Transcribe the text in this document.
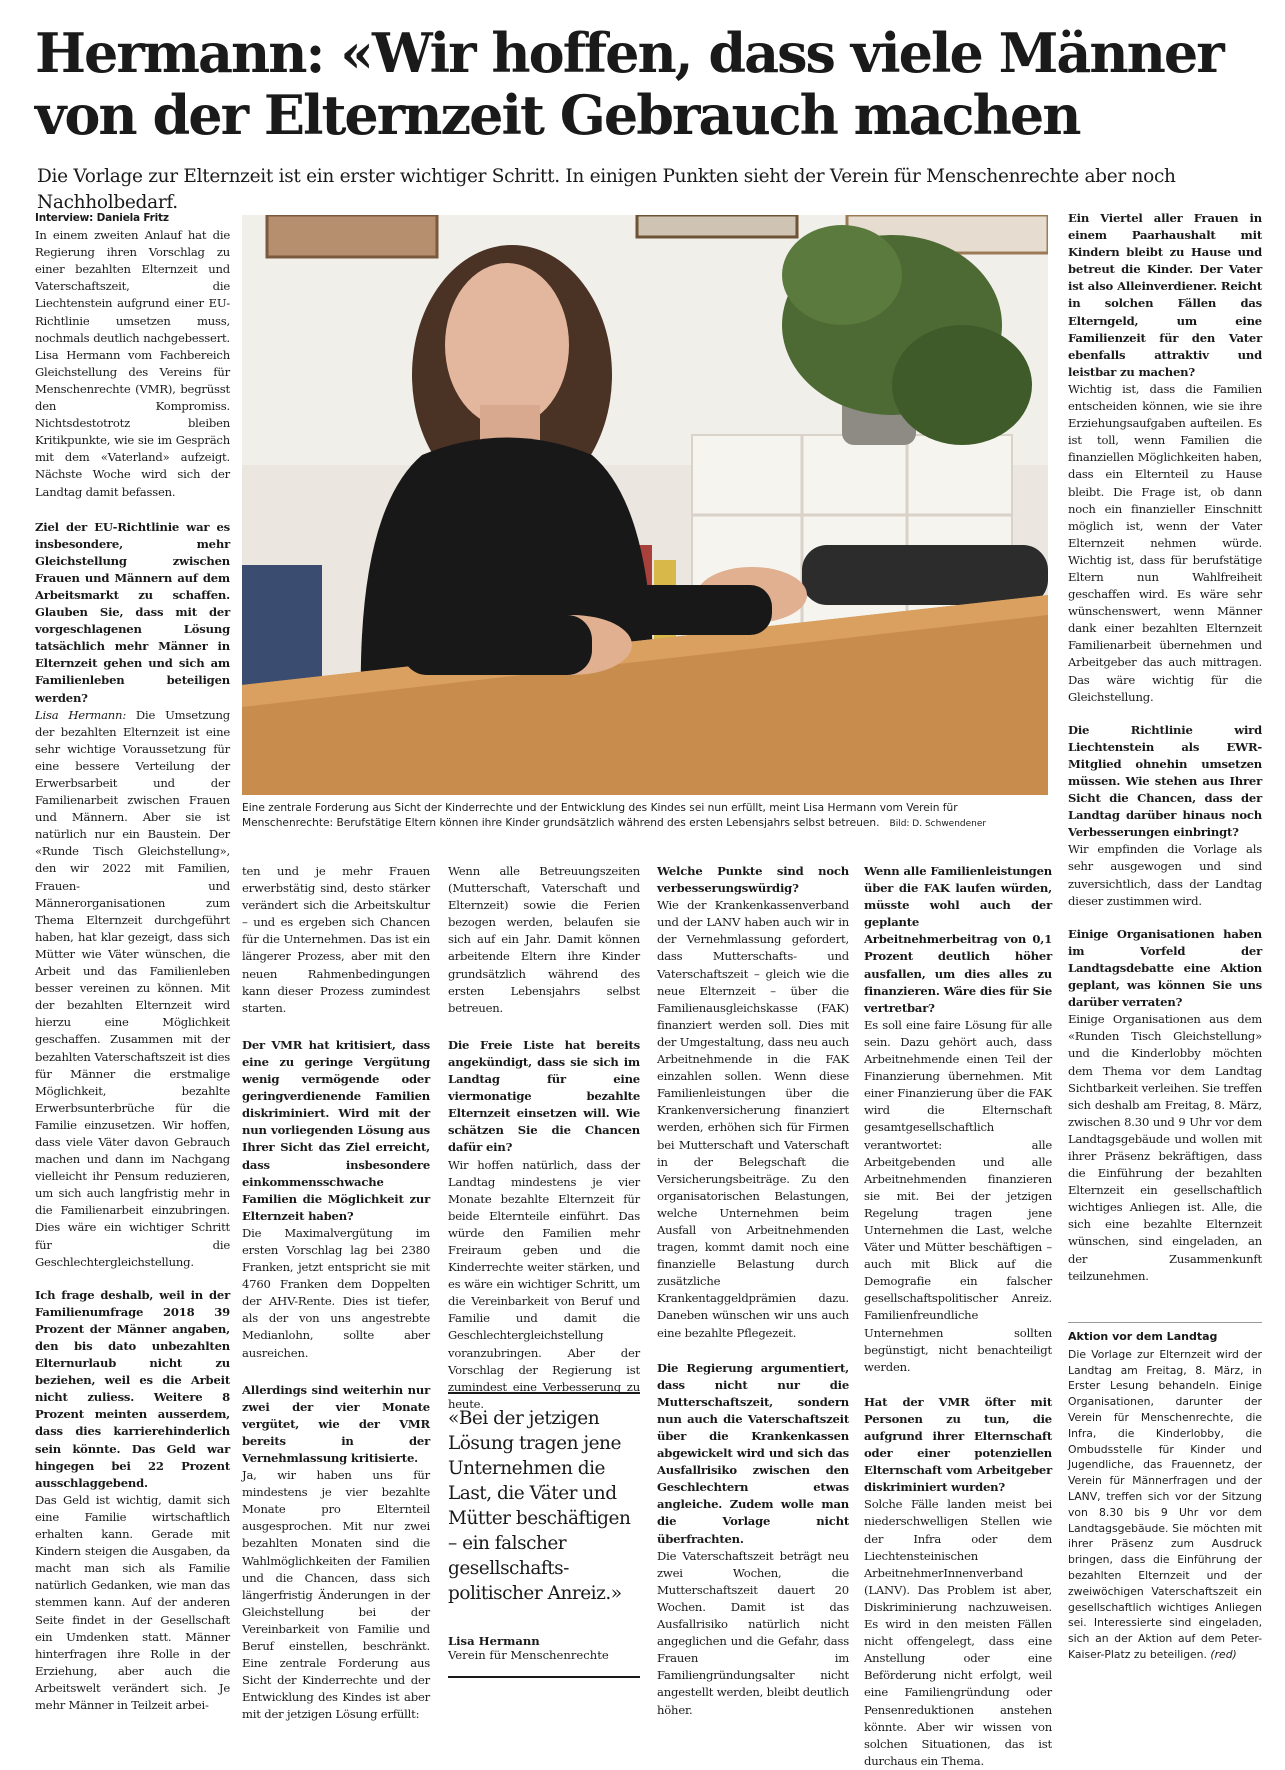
Hermann: «Wir hoffen, dass viele Männer von der Elternzeit Gebrauch machen
Die Vorlage zur Elternzeit ist ein erster wichtiger Schritt. In einigen Punkten sieht der Verein für Menschenrechte aber noch Nachholbedarf.

Interview: Daniela Fritz

In einem zweiten Anlauf hat die Regierung ihren Vorschlag zu einer bezahlten Elternzeit und Vaterschaftszeit, die Liechtenstein aufgrund einer EU-Richtlinie umsetzen muss, nochmals deutlich nachgebessert. Lisa Hermann vom Fachbereich Gleichstellung des Vereins für Menschenrechte (VMR), begrüsst den Kompromiss. Nichtsdestotrotz bleiben Kritikpunkte, wie sie im Gespräch mit dem «Vaterland» aufzeigt. Nächste Woche wird sich der Landtag damit befassen.

Ziel der EU-Richtlinie war es insbesondere, mehr Gleichstellung zwischen Frauen und Männern auf dem Arbeitsmarkt zu schaffen. Glauben Sie, dass mit der vorgeschlagenen Lösung tatsächlich mehr Männer in Elternzeit gehen und sich am Familienleben beteiligen werden?

Lisa Hermann: Die Umsetzung der bezahlten Elternzeit ist eine sehr wichtige Voraussetzung für eine bessere Verteilung der Erwerbsarbeit und der Familienarbeit zwischen Frauen und Männern. Aber sie ist natürlich nur ein Baustein. Der «Runde Tisch Gleichstellung», den wir 2022 mit Familien, Frauen- und Männerorganisationen zum Thema Elternzeit durchgeführt haben, hat klar gezeigt, dass sich Mütter wie Väter wünschen, die Arbeit und das Familienleben besser vereinen zu können. Mit der bezahlten Elternzeit wird hierzu eine Möglichkeit geschaffen. Zusammen mit der bezahlten Vaterschaftszeit ist dies für Männer die erstmalige Möglichkeit, bezahlte Erwerbsunterbrüche für die Familie einzusetzen. Wir hoffen, dass viele Väter davon Gebrauch machen und dann im Nachgang vielleicht ihr Pensum reduzieren, um sich auch langfristig mehr in die Familienarbeit einzubringen. Dies wäre ein wichtiger Schritt für die Geschlechtergleichstellung.

Ich frage deshalb, weil in der Familienumfrage 2018 39 Prozent der Männer angaben, den bis dato unbezahlten Elternurlaub nicht zu beziehen, weil es die Arbeit nicht zuliess. Weitere 8 Prozent meinten ausserdem, dass dies karrierehinderlich sein könnte. Das Geld war hingegen bei 22 Prozent ausschlaggebend.

Das Geld ist wichtig, damit sich eine Familie wirtschaftlich erhalten kann. Gerade mit Kindern steigen die Ausgaben, da macht man sich als Familie natürlich Gedanken, wie man das stemmen kann. Auf der anderen Seite findet in der Gesellschaft ein Umdenken statt. Männer hinterfragen ihre Rolle in der Erziehung, aber auch die Arbeitswelt verändert sich. Je mehr Männer in Teilzeit arbei-

Eine zentrale Forderung aus Sicht der Kinderrechte und der Entwicklung des Kindes sei nun erfüllt, meint Lisa Hermann vom Verein für Menschenrechte: Berufstätige Eltern können ihre Kinder grundsätzlich während des ersten Lebensjahrs selbst betreuen. Bild: D. Schwendener

ten und je mehr Frauen erwerbstätig sind, desto stärker verändert sich die Arbeitskultur – und es ergeben sich Chancen für die Unternehmen. Das ist ein längerer Prozess, aber mit den neuen Rahmenbedingungen kann dieser Prozess zumindest starten.

Der VMR hat kritisiert, dass eine zu geringe Vergütung wenig vermögende oder geringverdienende Familien diskriminiert. Wird mit der nun vorliegenden Lösung aus Ihrer Sicht das Ziel erreicht, dass insbesondere einkommensschwache Familien die Möglichkeit zur Elternzeit haben?

Die Maximalvergütung im ersten Vorschlag lag bei 2380 Franken, jetzt entspricht sie mit 4760 Franken dem Doppelten der AHV-Rente. Dies ist tiefer, als der von uns angestrebte Medianlohn, sollte aber ausreichen.

Allerdings sind weiterhin nur zwei der vier Monate vergütet, wie der VMR bereits in der Vernehmlassung kritisierte.

Ja, wir haben uns für mindestens je vier bezahlte Monate pro Elternteil ausgesprochen. Mit nur zwei bezahlten Monaten sind die Wahlmöglichkeiten der Familien und die Chancen, dass sich längerfristig Änderungen in der Gleichstellung bei der Vereinbarkeit von Familie und Beruf einstellen, beschränkt. Eine zentrale Forderung aus Sicht der Kinderrechte und der Entwicklung des Kindes ist aber mit der jetzigen Lösung erfüllt:

Wenn alle Betreuungszeiten (Mutterschaft, Vaterschaft und Elternzeit) sowie die Ferien bezogen werden, belaufen sie sich auf ein Jahr. Damit können arbeitende Eltern ihre Kinder grundsätzlich während des ersten Lebensjahrs selbst betreuen.

Die Freie Liste hat bereits angekündigt, dass sie sich im Landtag für eine viermonatige bezahlte Elternzeit einsetzen will. Wie schätzen Sie die Chancen dafür ein?

Wir hoffen natürlich, dass der Landtag mindestens je vier Monate bezahlte Elternzeit für beide Elternteile einführt. Das würde den Familien mehr Freiraum geben und die Kinderrechte weiter stärken, und es wäre ein wichtiger Schritt, um die Vereinbarkeit von Beruf und Familie und damit die Geschlechtergleichstellung voranzubringen. Aber der Vorschlag der Regierung ist zumindest eine Verbesserung zu heute.

«Bei der jetzigen Lösung tragen jene Unternehmen die Last, die Väter und Mütter beschäftigen – ein falscher gesellschaftspolitischer Anreiz.»

Lisa Hermann

Verein für Menschenrechte

Welche Punkte sind noch verbesserungswürdig?

Wie der Krankenkassenverband und der LANV haben auch wir in der Vernehmlassung gefordert, dass Mutterschafts- und Vaterschaftszeit – gleich wie die neue Elternzeit – über die Familienausgleichskasse (FAK) finanziert werden soll. Dies mit der Umgestaltung, dass neu auch Arbeitnehmende in die FAK einzahlen sollen. Wenn diese Familienleistungen über die Krankenversicherung finanziert werden, erhöhen sich für Firmen bei Mutterschaft und Vaterschaft in der Belegschaft die Versicherungsbeiträge. Zu den organisatorischen Belastungen, welche Unternehmen beim Ausfall von Arbeitnehmenden tragen, kommt damit noch eine finanzielle Belastung durch zusätzliche Krankentaggeldprämien dazu. Daneben wünschen wir uns auch eine bezahlte Pflegezeit.

Die Regierung argumentiert, dass nicht nur die Mutterschaftszeit, sondern nun auch die Vaterschaftszeit über die Krankenkassen abgewickelt wird und sich das Ausfallrisiko zwischen den Geschlechtern etwas angleiche. Zudem wolle man die Vorlage nicht überfrachten.

Die Vaterschaftszeit beträgt neu zwei Wochen, die Mutterschaftszeit dauert 20 Wochen. Damit ist das Ausfallrisiko natürlich nicht angeglichen und die Gefahr, dass Frauen im Familiengründungsalter nicht angestellt werden, bleibt deutlich höher.

Wenn alle Familienleistungen über die FAK laufen würden, müsste wohl auch der geplante Arbeitnehmerbeitrag von 0,1 Prozent deutlich höher ausfallen, um dies alles zu finanzieren. Wäre dies für Sie vertretbar?

Es soll eine faire Lösung für alle sein. Dazu gehört auch, dass Arbeitnehmende einen Teil der Finanzierung übernehmen. Mit einer Finanzierung über die FAK wird die Elternschaft gesamtgesellschaftlich verantwortet: alle Arbeitgebenden und alle Arbeitnehmenden finanzieren sie mit. Bei der jetzigen Regelung tragen jene Unternehmen die Last, welche Väter und Mütter beschäftigen – auch mit Blick auf die Demografie ein falscher gesellschaftspolitischer Anreiz. Familienfreundliche Unternehmen sollten begünstigt, nicht benachteiligt werden.

Hat der VMR öfter mit Personen zu tun, die aufgrund ihrer Elternschaft oder einer potenziellen Elternschaft vom Arbeitgeber diskriminiert wurden?

Solche Fälle landen meist bei niederschwelligen Stellen wie der Infra oder dem Liechtensteinischen ArbeitnehmerInnenverband (LANV). Das Problem ist aber, Diskriminierung nachzuweisen. Es wird in den meisten Fällen nicht offengelegt, dass eine Anstellung oder eine Beförderung nicht erfolgt, weil eine Familiengründung oder Pensenreduktionen anstehen könnte. Aber wir wissen von solchen Situationen, das ist durchaus ein Thema.

Ein Viertel aller Frauen in einem Paarhaushalt mit Kindern bleibt zu Hause und betreut die Kinder. Der Vater ist also Alleinverdiener. Reicht in solchen Fällen das Elterngeld, um eine Familienzeit für den Vater ebenfalls attraktiv und leistbar zu machen?

Wichtig ist, dass die Familien entscheiden können, wie sie ihre Erziehungsaufgaben aufteilen. Es ist toll, wenn Familien die finanziellen Möglichkeiten haben, dass ein Elternteil zu Hause bleibt. Die Frage ist, ob dann noch ein finanzieller Einschnitt möglich ist, wenn der Vater Elternzeit nehmen würde. Wichtig ist, dass für berufstätige Eltern nun Wahlfreiheit geschaffen wird. Es wäre sehr wünschenswert, wenn Männer dank einer bezahlten Elternzeit Familienarbeit übernehmen und Arbeitgeber das auch mittragen. Das wäre wichtig für die Gleichstellung.

Die Richtlinie wird Liechtenstein als EWR-Mitglied ohnehin umsetzen müssen. Wie stehen aus Ihrer Sicht die Chancen, dass der Landtag darüber hinaus noch Verbesserungen einbringt?

Wir empfinden die Vorlage als sehr ausgewogen und sind zuversichtlich, dass der Landtag dieser zustimmen wird.

Einige Organisationen haben im Vorfeld der Landtagsdebatte eine Aktion geplant, was können Sie uns darüber verraten?

Einige Organisationen aus dem «Runden Tisch Gleichstellung» und die Kinderlobby möchten dem Thema vor dem Landtag Sichtbarkeit verleihen. Sie treffen sich deshalb am Freitag, 8. März, zwischen 8.30 und 9 Uhr vor dem Landtagsgebäude und wollen mit ihrer Präsenz bekräftigen, dass die Einführung der bezahlten Elternzeit ein gesellschaftlich wichtiges Anliegen ist. Alle, die sich eine bezahlte Elternzeit wünschen, sind eingeladen, an der Zusammenkunft teilzunehmen.

Aktion vor dem Landtag

Die Vorlage zur Elternzeit wird der Landtag am Freitag, 8. März, in Erster Lesung behandeln. Einige Organisationen, darunter der Verein für Menschenrechte, die Infra, die Kinderlobby, die Ombudsstelle für Kinder und Jugendliche, das Frauennetz, der Verein für Männerfragen und der LANV, treffen sich vor der Sitzung von 8.30 bis 9 Uhr vor dem Landtagsgebäude. Sie möchten mit ihrer Präsenz zum Ausdruck bringen, dass die Einführung der bezahlten Elternzeit und der zweiwöchigen Vaterschaftszeit ein gesellschaftlich wichtiges Anliegen sei. Interessierte sind eingeladen, sich an der Aktion auf dem Peter-Kaiser-Platz zu beteiligen. (red)
